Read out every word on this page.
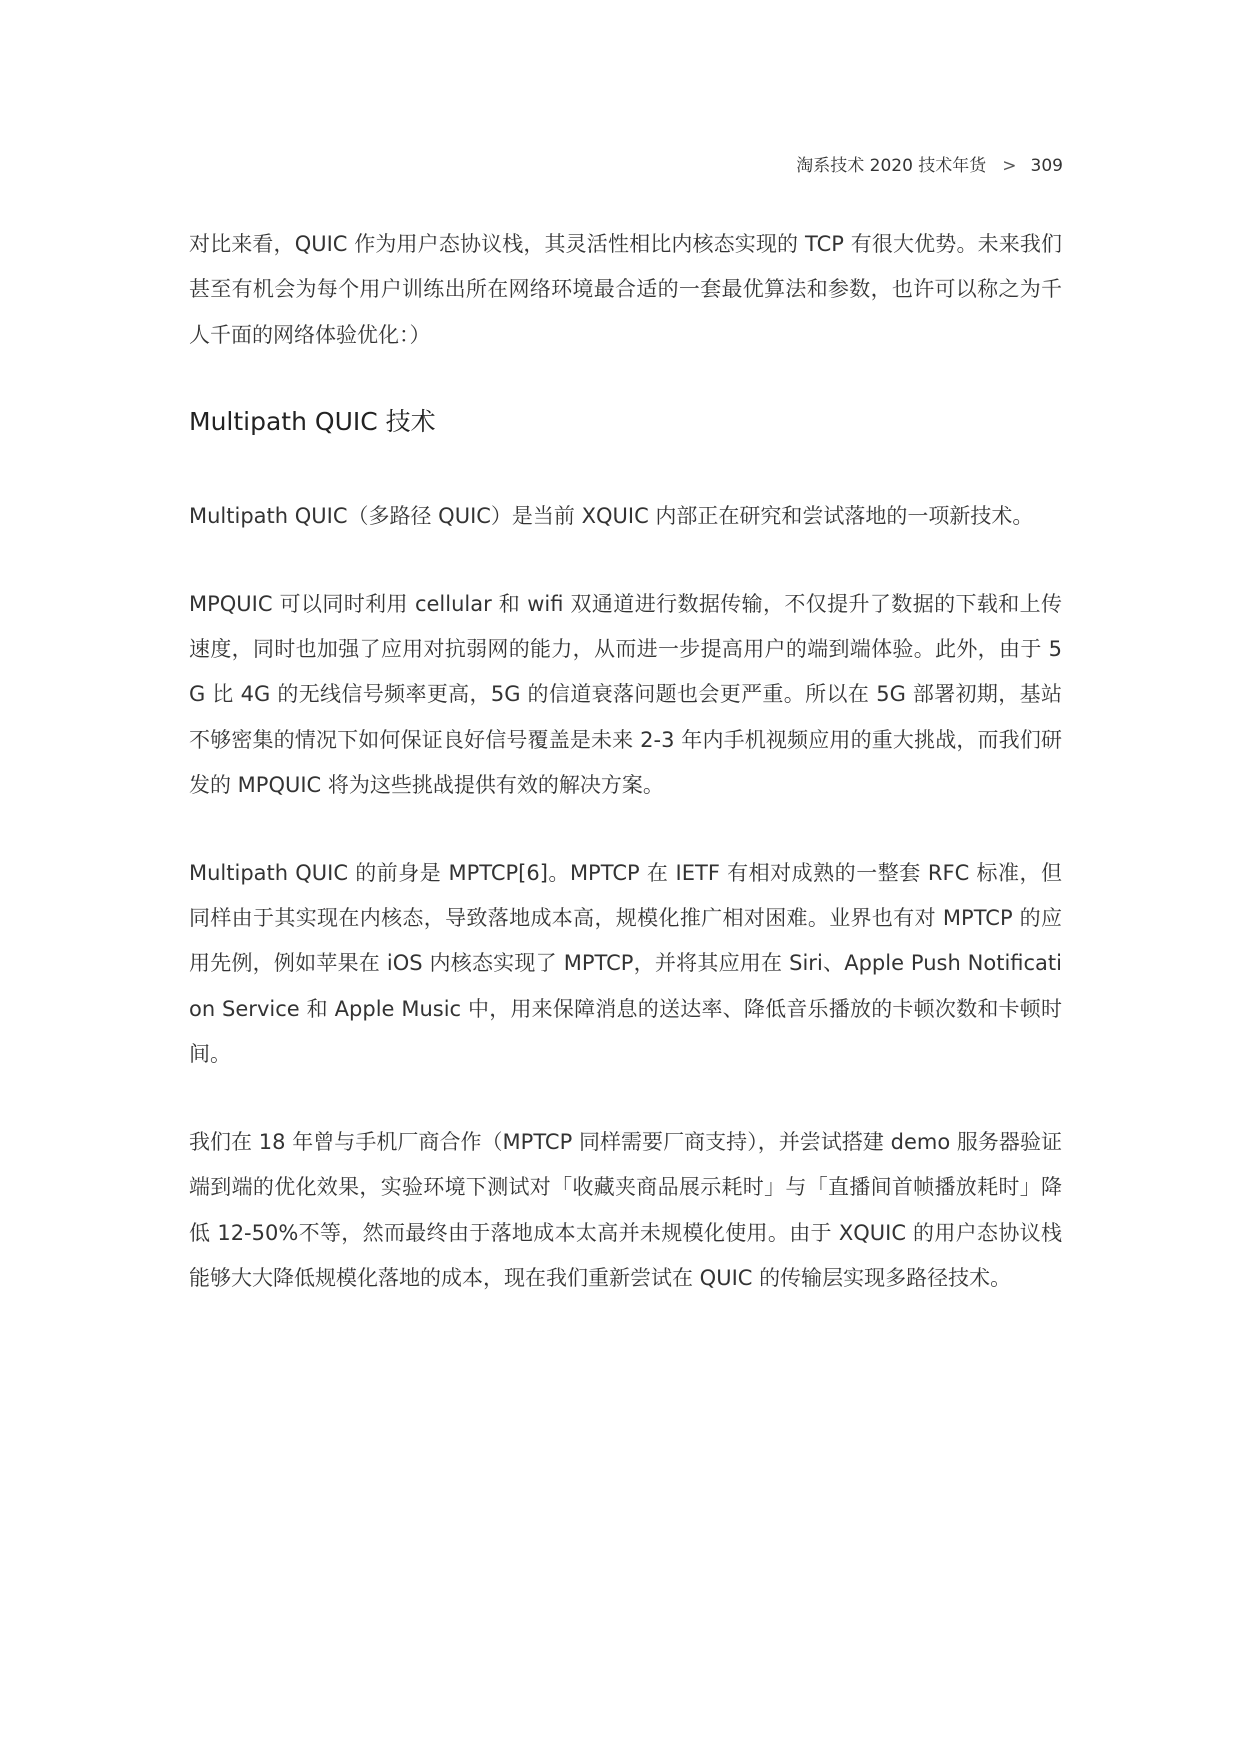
淘系技术 2020 技术年货 > 309

对比来看，QUIC 作为用户态协议栈，其灵活性相比内核态实现的 TCP 有很大优势。未来我们甚至有机会为每个用户训练出所在网络环境最合适的一套最优算法和参数，也许可以称之为千人千面的网络体验优化：）

Multipath QUIC 技术

Multipath QUIC（多路径 QUIC）是当前 XQUIC 内部正在研究和尝试落地的一项新技术。

MPQUIC 可以同时利用 cellular 和 wifi 双通道进行数据传输，不仅提升了数据的下载和上传速度，同时也加强了应用对抗弱网的能力，从而进一步提高用户的端到端体验。此外，由于 5G 比 4G 的无线信号频率更高，5G 的信道衰落问题也会更严重。所以在 5G 部署初期，基站不够密集的情况下如何保证良好信号覆盖是未来 2-3 年内手机视频应用的重大挑战，而我们研发的 MPQUIC 将为这些挑战提供有效的解决方案。

Multipath QUIC 的前身是 MPTCP[6]。MPTCP 在 IETF 有相对成熟的一整套 RFC 标准，但同样由于其实现在内核态，导致落地成本高，规模化推广相对困难。业界也有对 MPTCP 的应用先例，例如苹果在 iOS 内核态实现了 MPTCP，并将其应用在 Siri、Apple Push Notification Service 和 Apple Music 中，用来保障消息的送达率、降低音乐播放的卡顿次数和卡顿时间。

我们在 18 年曾与手机厂商合作（MPTCP 同样需要厂商支持），并尝试搭建 demo 服务器验证端到端的优化效果，实验环境下测试对「收藏夹商品展示耗时」与「直播间首帧播放耗时」降低 12-50%不等，然而最终由于落地成本太高并未规模化使用。由于 XQUIC 的用户态协议栈能够大大降低规模化落地的成本，现在我们重新尝试在 QUIC 的传输层实现多路径技术。
